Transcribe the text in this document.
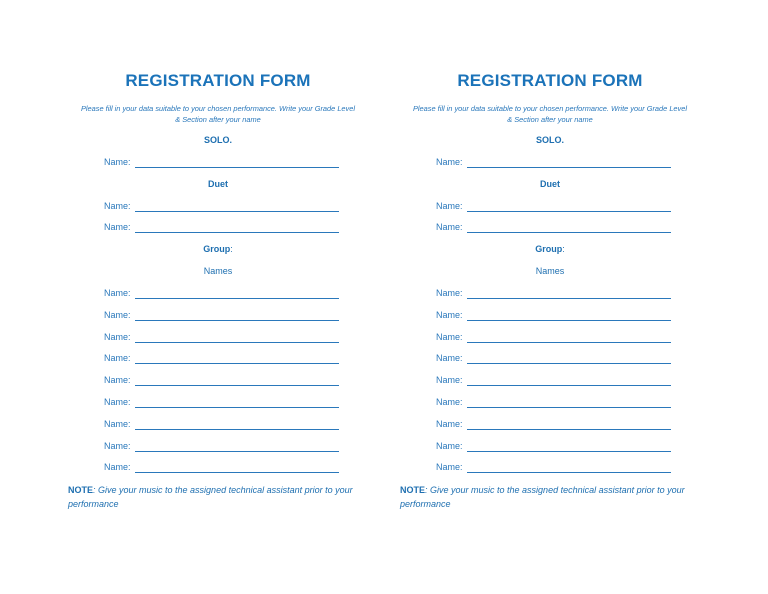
REGISTRATION FORM
Please fill in your data suitable to your chosen performance. Write your Grade Level
& Section after your name
SOLO.
Name:
Duet
Name:
Name:
Group:
Names
Name:
Name:
Name:
Name:
Name:
Name:
Name:
Name:
Name:
NOTE: Give your music to the assigned technical assistant prior to your performance
REGISTRATION FORM
Please fill in your data suitable to your chosen performance. Write your Grade Level
& Section after your name
SOLO.
Name:
Duet
Name:
Name:
Group:
Names
Name:
Name:
Name:
Name:
Name:
Name:
Name:
Name:
Name:
NOTE: Give your music to the assigned technical assistant prior to your performance
